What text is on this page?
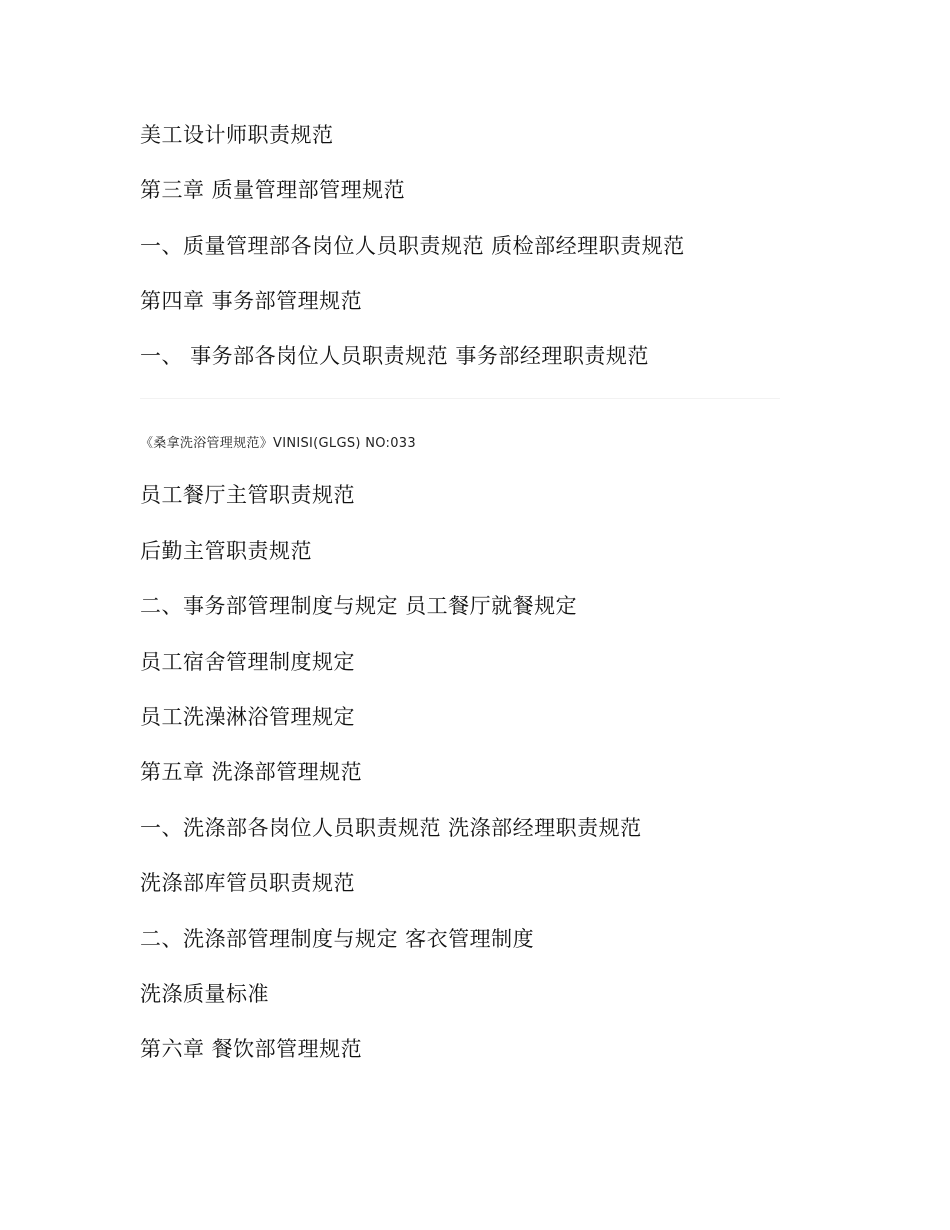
美工设计师职责规范
第三章 质量管理部管理规范
一、质量管理部各岗位人员职责规范 质检部经理职责规范
第四章 事务部管理规范
一、 事务部各岗位人员职责规范 事务部经理职责规范
《桑拿洗浴管理规范》VINISI(GLGS) NO:033
员工餐厅主管职责规范
后勤主管职责规范
二、事务部管理制度与规定 员工餐厅就餐规定
员工宿舍管理制度规定
员工洗澡淋浴管理规定
第五章 洗涤部管理规范
一、洗涤部各岗位人员职责规范 洗涤部经理职责规范
洗涤部库管员职责规范
二、洗涤部管理制度与规定 客衣管理制度
洗涤质量标准
第六章 餐饮部管理规范
